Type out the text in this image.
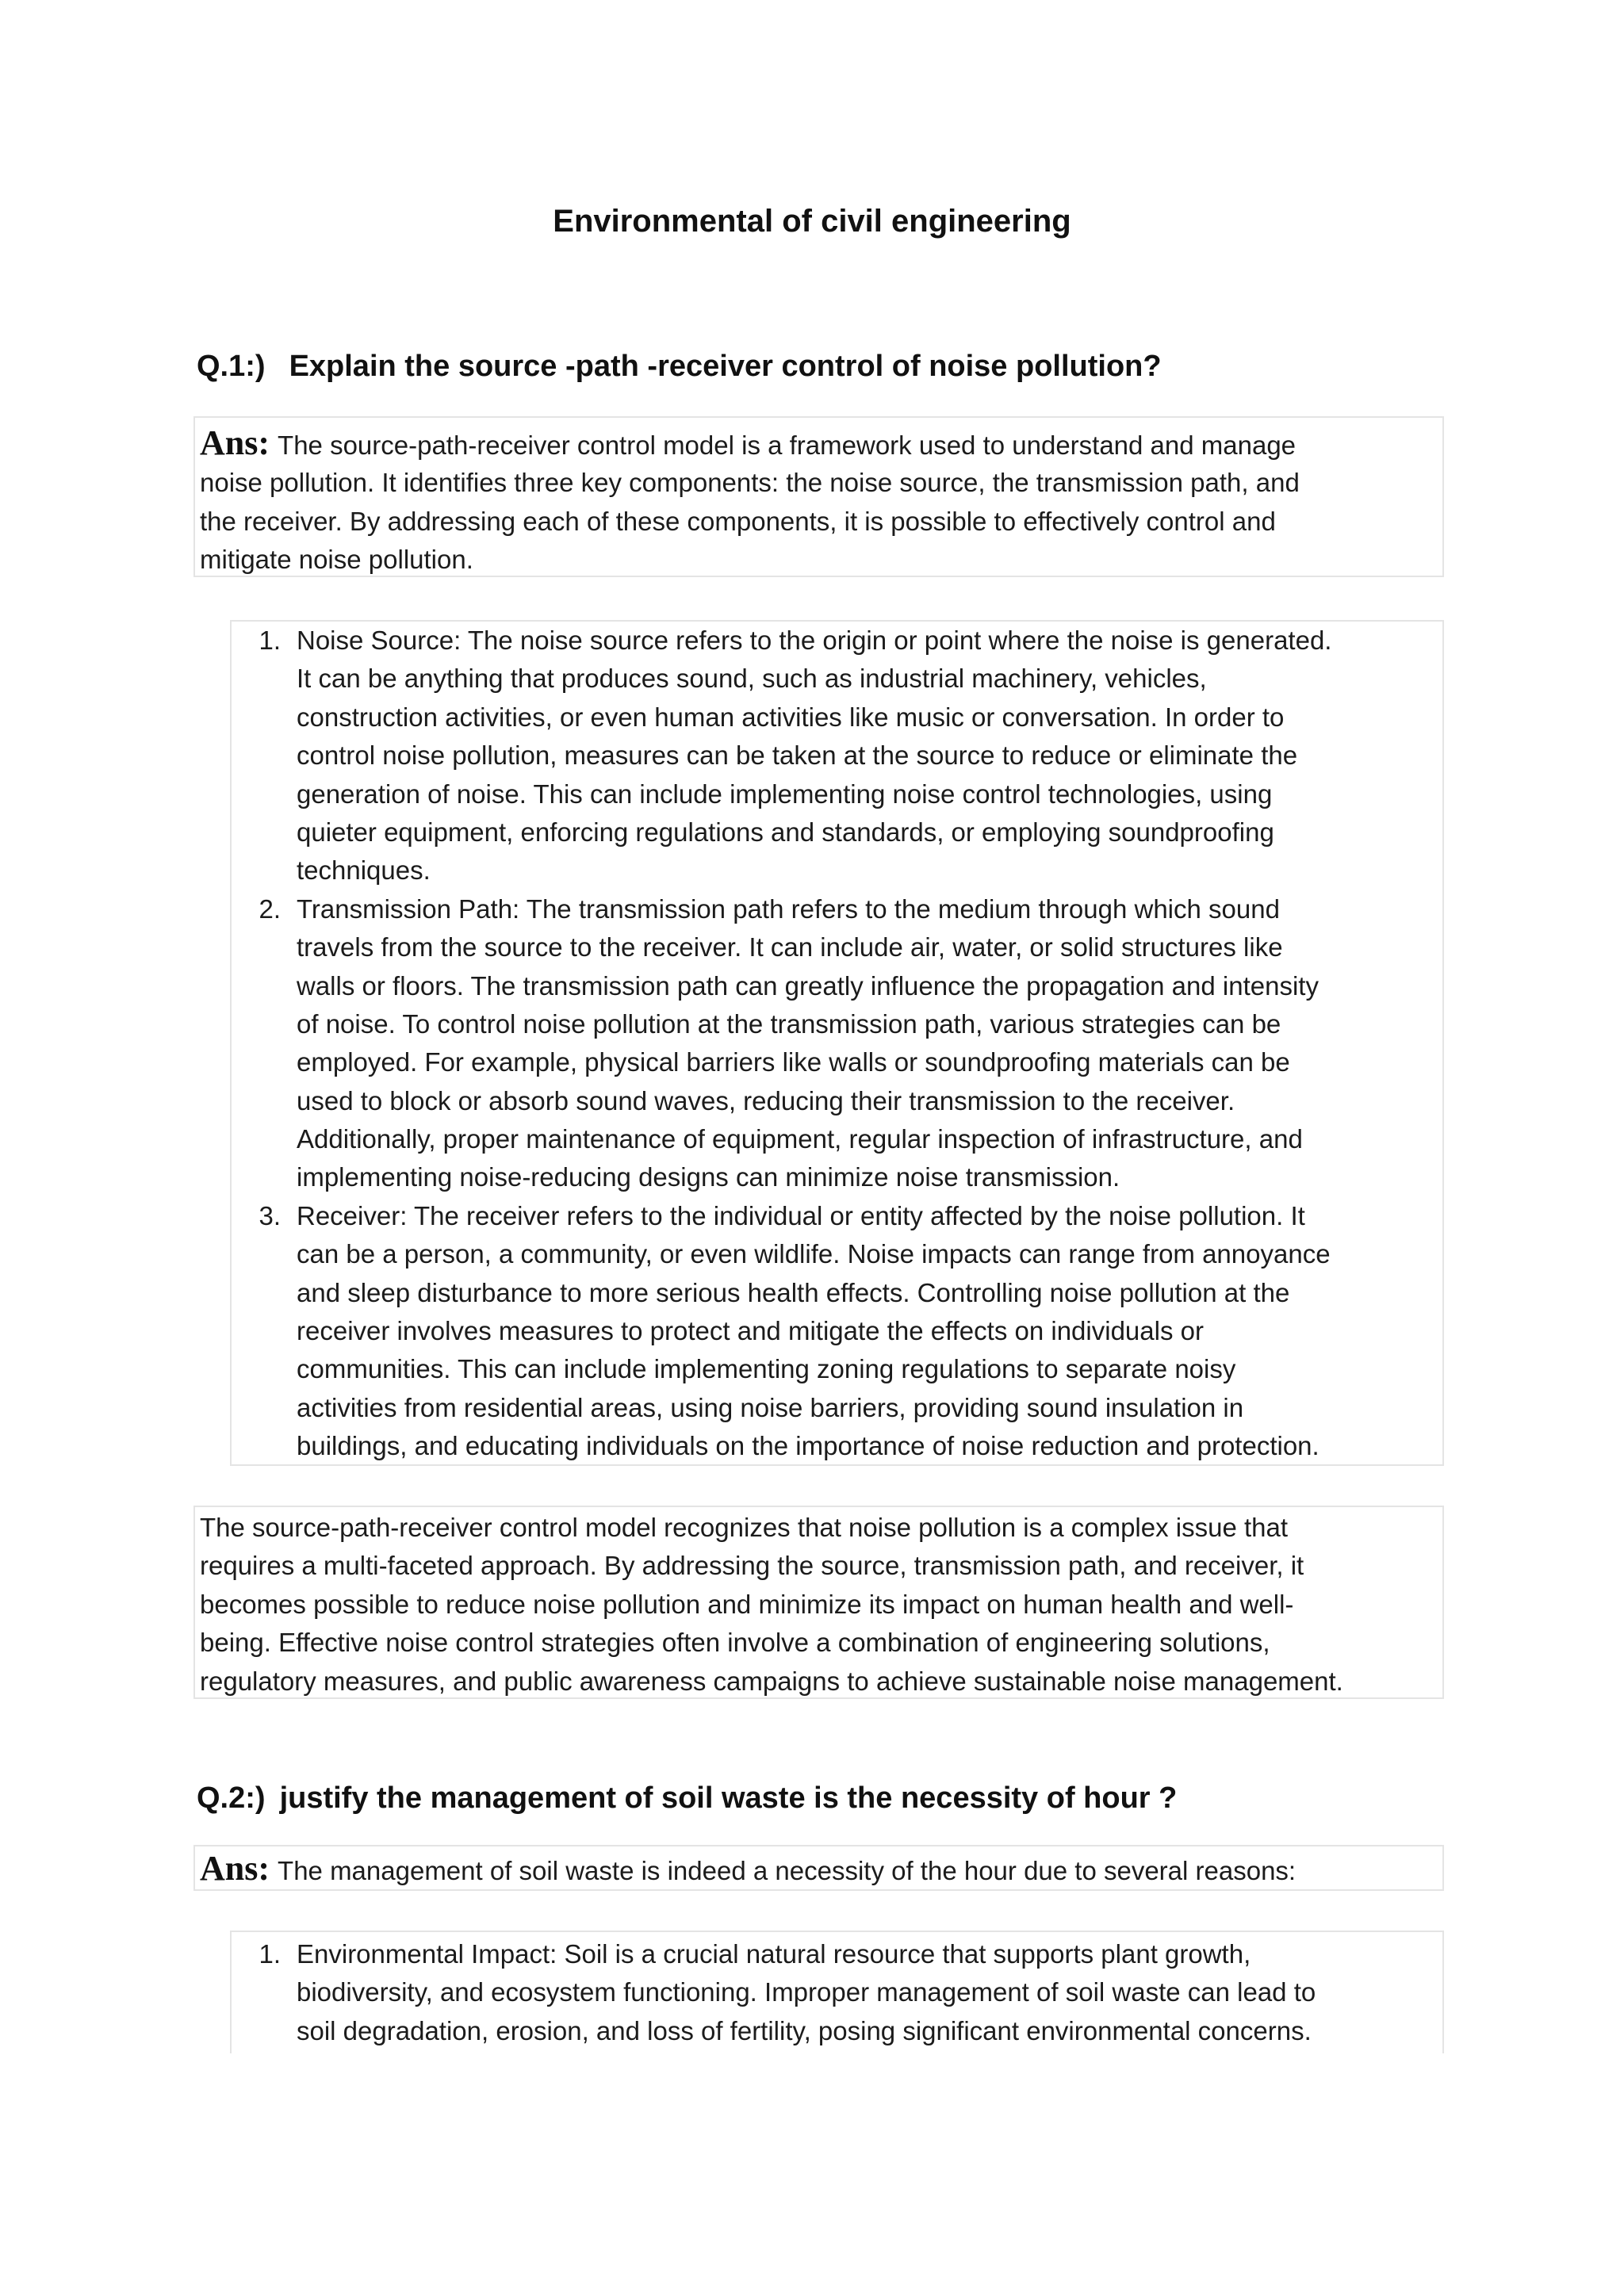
Environmental of civil engineering
Q.1:) Explain the source -path -receiver control of noise pollution?
Ans: The source-path-receiver control model is a framework used to understand and manage
noise pollution. It identifies three key components: the noise source, the transmission path, and
the receiver. By addressing each of these components, it is possible to effectively control and
mitigate noise pollution.
1. Noise Source: The noise source refers to the origin or point where the noise is generated.
It can be anything that produces sound, such as industrial machinery, vehicles,
construction activities, or even human activities like music or conversation. In order to
control noise pollution, measures can be taken at the source to reduce or eliminate the
generation of noise. This can include implementing noise control technologies, using
quieter equipment, enforcing regulations and standards, or employing soundproofing
techniques.
2. Transmission Path: The transmission path refers to the medium through which sound
travels from the source to the receiver. It can include air, water, or solid structures like
walls or floors. The transmission path can greatly influence the propagation and intensity
of noise. To control noise pollution at the transmission path, various strategies can be
employed. For example, physical barriers like walls or soundproofing materials can be
used to block or absorb sound waves, reducing their transmission to the receiver.
Additionally, proper maintenance of equipment, regular inspection of infrastructure, and
implementing noise-reducing designs can minimize noise transmission.
3. Receiver: The receiver refers to the individual or entity affected by the noise pollution. It
can be a person, a community, or even wildlife. Noise impacts can range from annoyance
and sleep disturbance to more serious health effects. Controlling noise pollution at the
receiver involves measures to protect and mitigate the effects on individuals or
communities. This can include implementing zoning regulations to separate noisy
activities from residential areas, using noise barriers, providing sound insulation in
buildings, and educating individuals on the importance of noise reduction and protection.
The source-path-receiver control model recognizes that noise pollution is a complex issue that
requires a multi-faceted approach. By addressing the source, transmission path, and receiver, it
becomes possible to reduce noise pollution and minimize its impact on human health and well-
being. Effective noise control strategies often involve a combination of engineering solutions,
regulatory measures, and public awareness campaigns to achieve sustainable noise management.
Q.2:) justify the management of soil waste is the necessity of hour ?
Ans: The management of soil waste is indeed a necessity of the hour due to several reasons:
1. Environmental Impact: Soil is a crucial natural resource that supports plant growth,
biodiversity, and ecosystem functioning. Improper management of soil waste can lead to
soil degradation, erosion, and loss of fertility, posing significant environmental concerns.
